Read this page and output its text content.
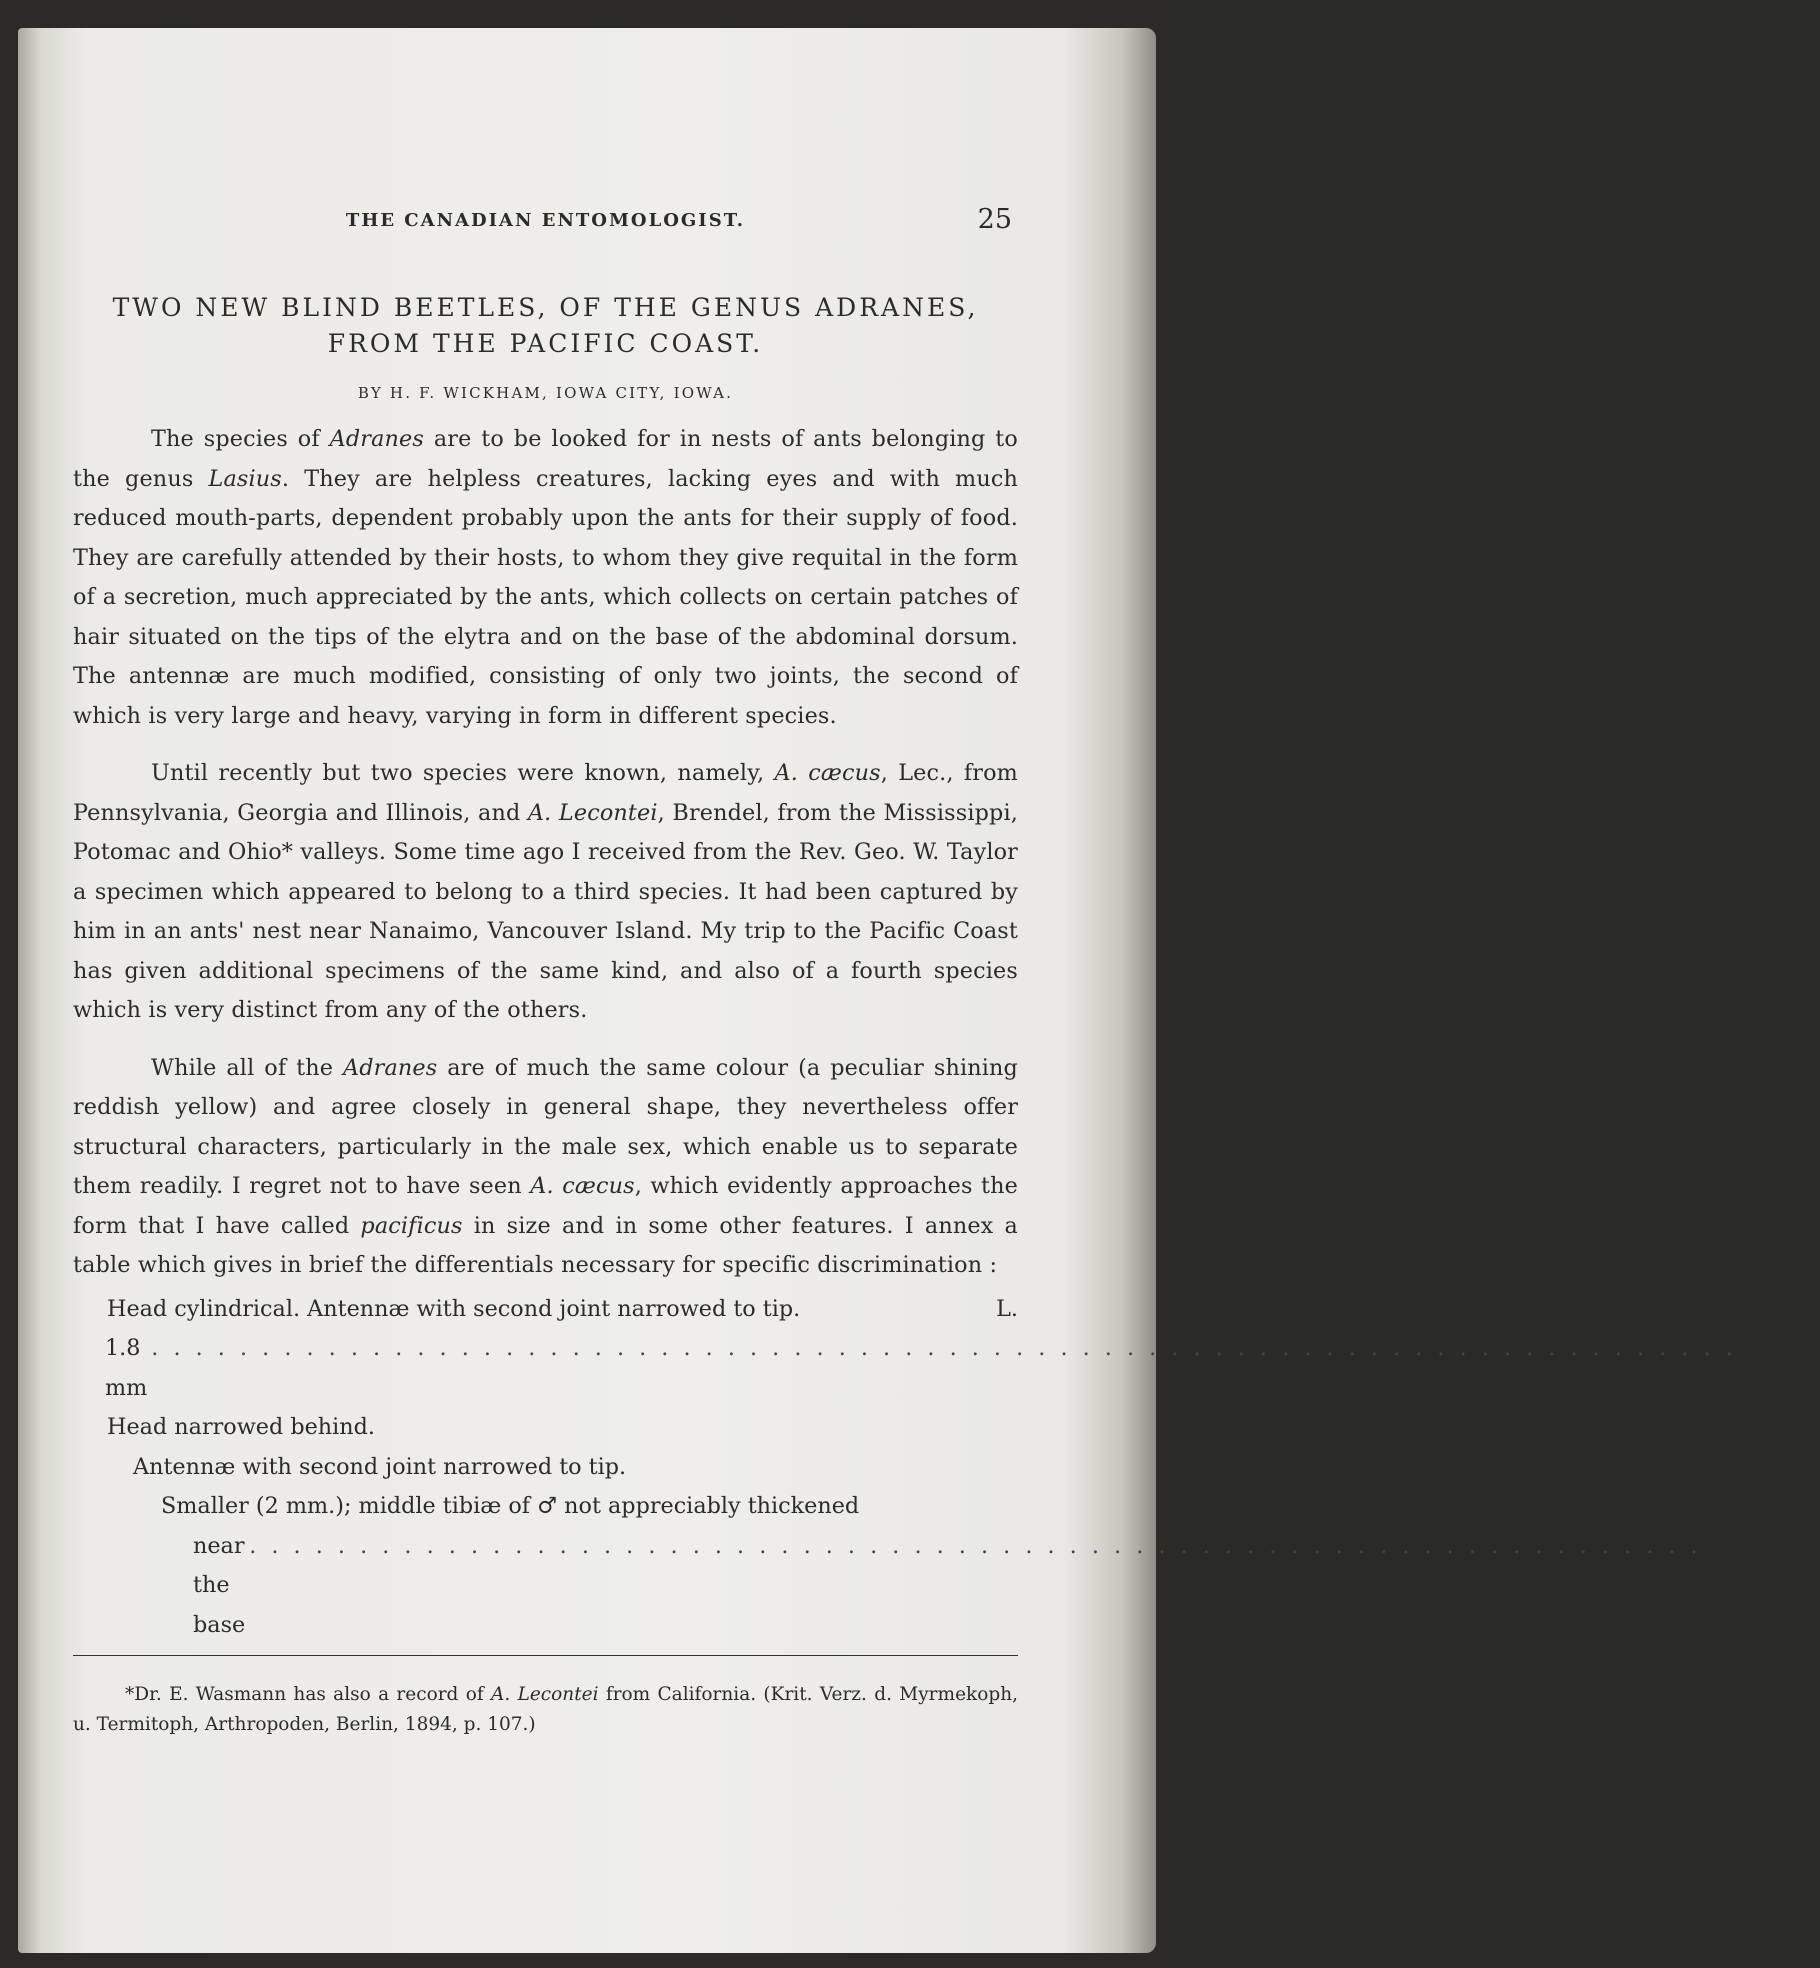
THE CANADIAN ENTOMOLOGIST.	25
TWO NEW BLIND BEETLES, OF THE GENUS ADRANES,
FROM THE PACIFIC COAST.
BY H. F. WICKHAM, IOWA CITY, IOWA.

The species of Adranes are to be looked for in nests of ants belonging to the genus Lasius. They are helpless creatures, lacking eyes and with much reduced mouth-parts, dependent probably upon the ants for their supply of food. They are carefully attended by their hosts, to whom they give requital in the form of a secretion, much appreciated by the ants, which collects on certain patches of hair situated on the tips of the elytra and on the base of the abdominal dorsum. The antennæ are much modified, consisting of only two joints, the second of which is very large and heavy, varying in form in different species.

Until recently but two species were known, namely, A. cæcus, Lec., from Pennsylvania, Georgia and Illinois, and A. Lecontei, Brendel, from the Mississippi, Potomac and Ohio* valleys. Some time ago I received from the Rev. Geo. W. Taylor a specimen which appeared to belong to a third species. It had been captured by him in an ants' nest near Nanaimo, Vancouver Island. My trip to the Pacific Coast has given additional specimens of the same kind, and also of a fourth species which is very distinct from any of the others.

While all of the Adranes are of much the same colour (a peculiar shining reddish yellow) and agree closely in general shape, they nevertheless offer structural characters, particularly in the male sex, which enable us to separate them readily. I regret not to have seen A. cæcus, which evidently approaches the form that I have called pacificus in size and in some other features. I annex a table which gives in brief the differentials necessary for specific discrimination :

Head cylindrical. Antennæ with second joint narrowed to tip.	L.
1.8 mm
. . . . . . . . . . . . . . . . . . . . . . . . . . . . . . . . . . . . . . . . . . . . . . . . . . . . . . . . . . . . . . . . . . . . . . . . cæcus, Lec.
Head narrowed behind.
Antennæ with second joint narrowed to tip.
Smaller (2 mm.); middle tibiæ of ♂ not appreciably thickened
near the base
. . . . . . . . . . . . . . . . . . . . . . . . . . . . . . . . . . . . . . . . . . . . . . . . . . . . . . . . . . . . . . . . . . pacificus, n. sp.

*Dr. E. Wasmann has also a record of A. Lecontei from California. (Krit. Verz. d. Myrmekoph, u. Termitoph, Arthropoden, Berlin, 1894, p. 107.)
